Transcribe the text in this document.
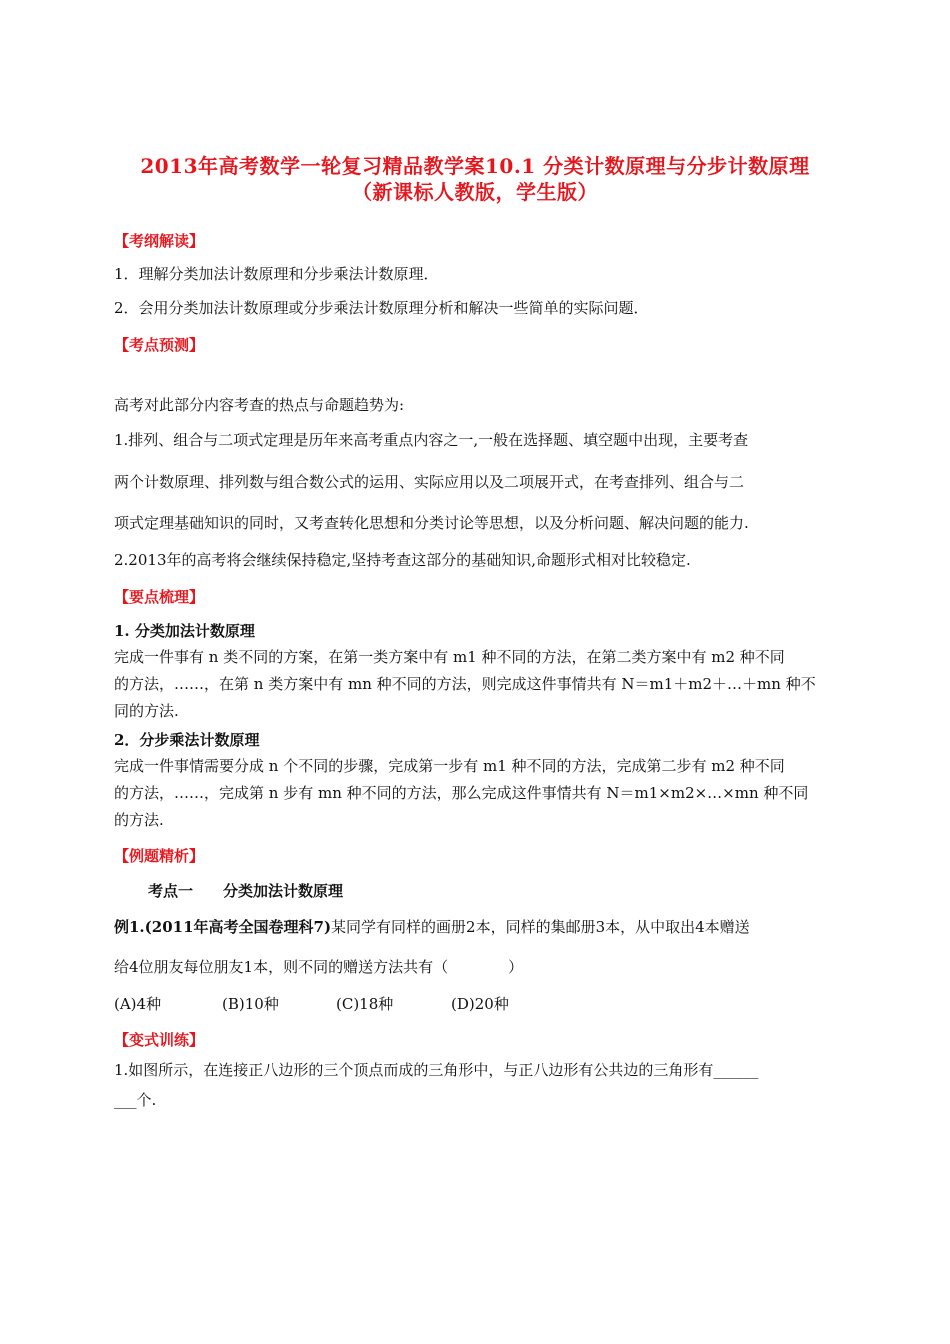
2013年高考数学一轮复习精品教学案10.1 分类计数原理与分步计数原理
（新课标人教版，学生版）
【考纲解读】
1．理解分类加法计数原理和分步乘法计数原理．
2．会用分类加法计数原理或分步乘法计数原理分析和解决一些简单的实际问题．
【考点预测】
高考对此部分内容考查的热点与命题趋势为:
1.排列、组合与二项式定理是历年来高考重点内容之一,一般在选择题、填空题中出现，主要考查
两个计数原理、排列数与组合数公式的运用、实际应用以及二项展开式，在考查排列、组合与二
项式定理基础知识的同时，又考查转化思想和分类讨论等思想，以及分析问题、解决问题的能力.
2.2013年的高考将会继续保持稳定,坚持考查这部分的基础知识,命题形式相对比较稳定.
【要点梳理】
1. 分类加法计数原理
完成一件事有 n 类不同的方案，在第一类方案中有 m1 种不同的方法，在第二类方案中有 m2 种不同
的方法，……，在第 n 类方案中有 mn 种不同的方法，则完成这件事情共有 N＝m1＋m2＋…＋mn 种不
同的方法.
2．分步乘法计数原理
完成一件事情需要分成 n 个不同的步骤，完成第一步有 m1 种不同的方法，完成第二步有 m2 种不同
的方法，……，完成第 n 步有 mn 种不同的方法，那么完成这件事情共有 N＝m1×m2×…×mn 种不同
的方法.
【例题精析】
考点一　　分类加法计数原理
例1.(2011年高考全国卷理科7)某同学有同样的画册2本，同样的集邮册3本，从中取出4本赠送
给4位朋友每位朋友1本，则不同的赠送方法共有（　　　　）
(A)4种	(B)10种	(C)18种	(D)20种
【变式训练】
1.如图所示，在连接正八边形的三个顶点而成的三角形中，与正八边形有公共边的三角形有______
___个.
